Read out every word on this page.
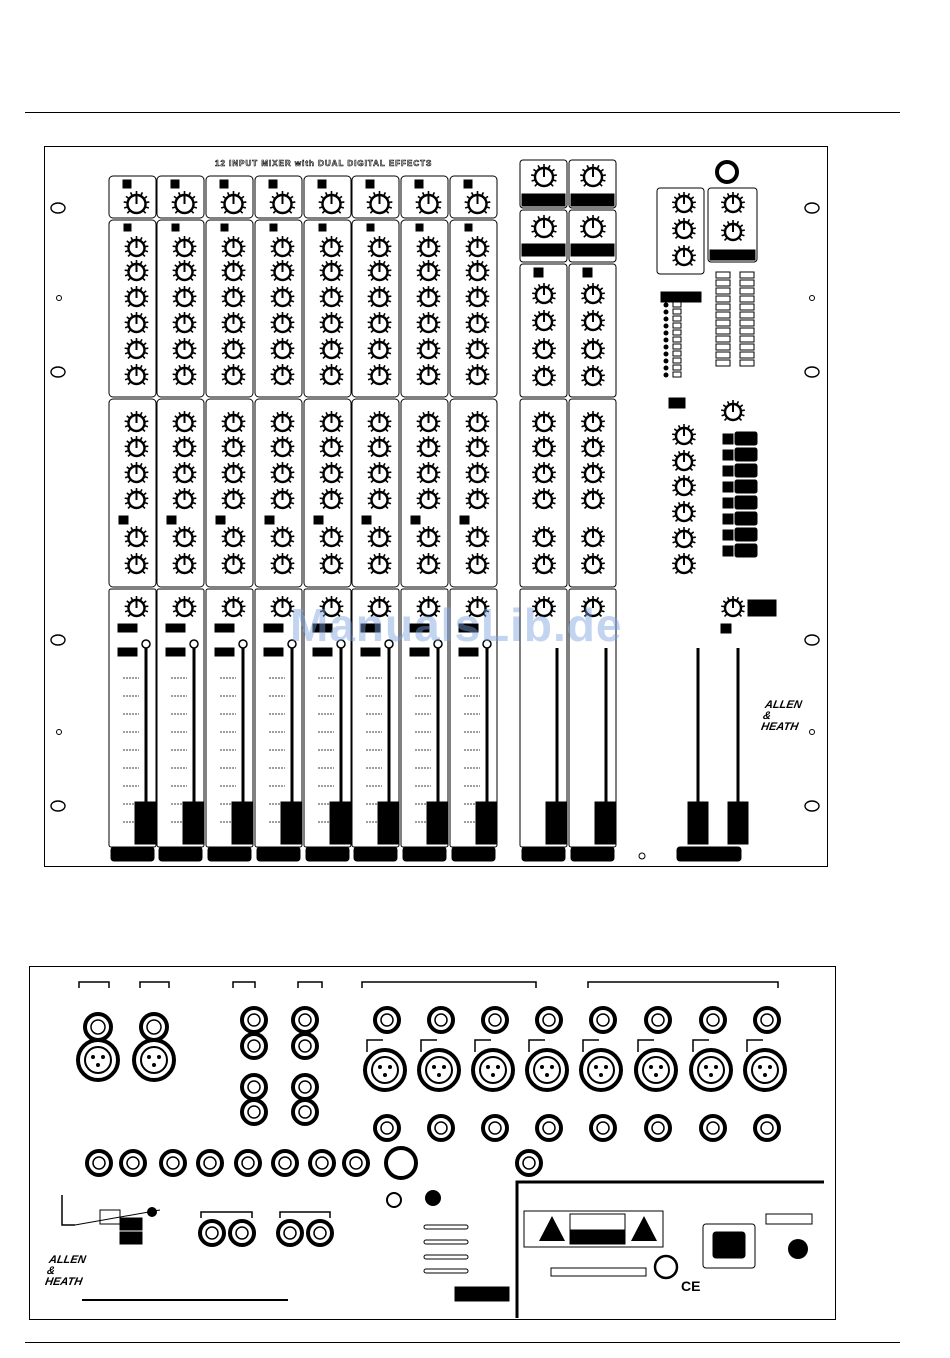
12 INPUT MIXER with DUAL DIGITAL EFFECTS
ALLEN
&
HEATH
ManualsLib.de
ALLEN
&
HEATH	CE
